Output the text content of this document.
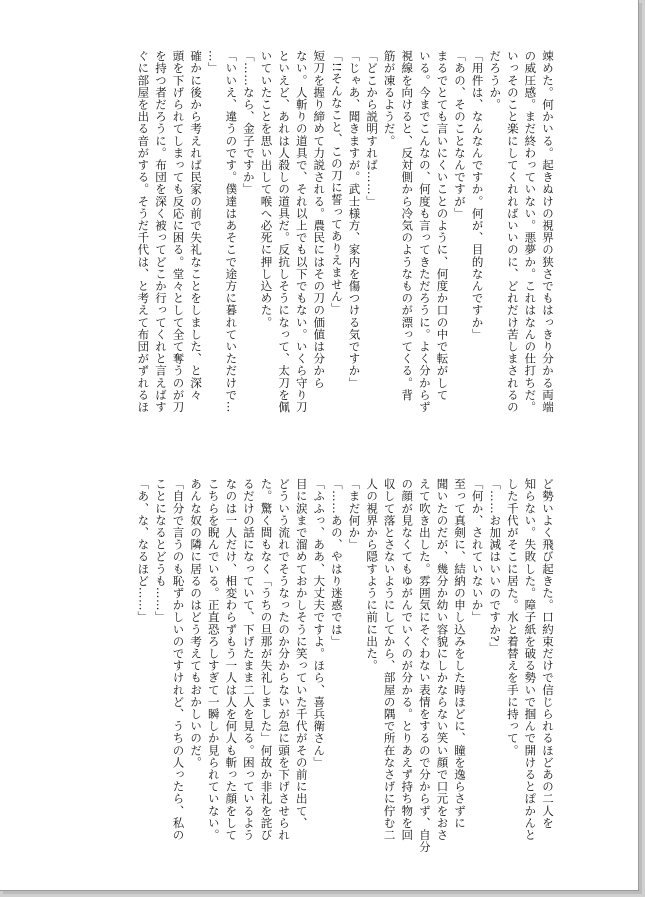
竦めた。何かいる。起きぬけの視界の狭さでもはっきり分かる両端
の威圧感。まだ終わっていない。悪夢か。これはなんの仕打ちだ。
いっそのこと楽にしてくれればいいのに、どれだけ苦しまされるの
だろうか。
「用件は、なんなんですか。何が、目的なんですか」
「あの、そのことなんですが」
まるでとても言いにくいことのように、何度か口の中で転がして
いる。今までこんなの、何度も言ってきただろうに。よく分からず
視線を向けると、反対側から冷気のようなものが漂ってくる。背
筋が凍るようだ。
「どこから説明すれば……」
「じゃあ、聞きますが。武士様方、家内を傷つける気ですか」
「!!そんなこと、この刀に誓ってありえません」
短刀を握り締めて力説される。農民にはその刀の価値は分から
ない。人斬りの道具で、それ以上でも以下でもない。いくら守り刀
といえど、あれは人殺しの道具だ。反抗しそうになって、太刀を佩
いていたことを思い出して喉へ必死に押し込めた。
「……なら、金子ですか」
「いいえ、違うのです。僕達はあそこで途方に暮れていただけで…
…」
確かに後から考えれば民家の前で失礼なことをしました、と深々
頭を下げられてしまっても反応に困る。堂々として全て奪うのが刀
を持つ者だろうに。布団を深く被ってどこか行ってくれと言えばす
ぐに部屋を出る音がする。そうだ千代は、と考えて布団がずれるほ
ど勢いよく飛び起きた。口約束だけで信じられるほどあの二人を
知らない。失敗した。障子紙を破る勢いで掴んで開けるとぽかんと
した千代がそこに居た。水と着替えを手に持って。
「……お加減はいいのですか?」
「何か、されていないか」
至って真剣に、結納の申し込みをした時ほどに、瞳を逸らさずに
聞いたのだが、幾分か幼い容貌にしかならない笑い顔で口元をおさ
えて吹き出した。雰囲気にそぐわない表情をするので分からず、自分
の顔が見なくてもゆがんでいくのが分かる。とりあえず持ち物を回
収して落とさないようにしてから、部屋の隅で所在なさげに佇む二
人の視界から隠すように前に出た。
「まだ何か」
「……あの、やはり迷惑では」
「ふふっ、ああ、大丈夫ですよ。ほら、喜兵衛さん」
目に涙まで溜めておかしそうに笑っていた千代がその前に出て、
どういう流れでそうなったのか分からないが急に頭を下げさせられ
た。驚く間もなく「うちの旦那が失礼しました」何故か非礼を詫び
るだけの話になっていて、下げたまま二人を見る。困っているよう
なのは一人だけ、相変わらずもう一人は人を何人も斬った顔をして
こちらを睨んでいる。正直恐ろしすぎて一瞬しか見られていない。
あんな奴の隣に居るのはどう考えてもおかしいのだ。
「自分で言うのも恥ずかしいのですけれど、うちの人ったら、私の
ことになるとどうも……」
「あ、な、なるほど……」
